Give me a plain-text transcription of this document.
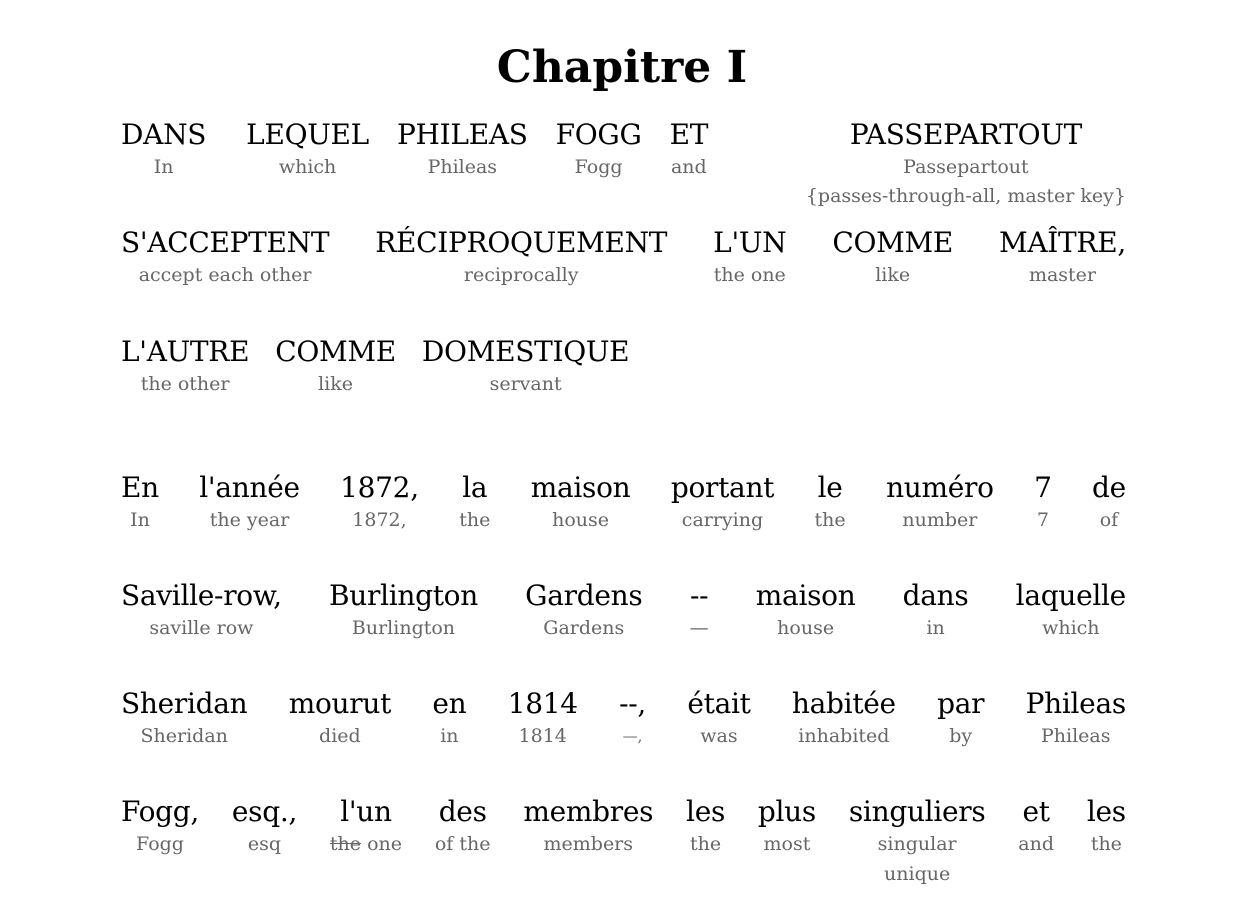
Chapitre I
DANS
In
LEQUEL
which
PHILEAS
Phileas
FOGG
Fogg
ET
and
PASSEPARTOUT
Passepartout
{passes-through-all, master key}
S'ACCEPTENT
accept each other
RÉCIPROQUEMENT
reciprocally
L'UN
the one
COMME
like
MAÎTRE,
master
L'AUTRE
the other
COMME
like
DOMESTIQUE
servant
En
In
l'année
the year
1872,
1872,
la
the
maison
house
portant
carrying
le
the
numéro
number
7
7
de
of
Saville-row,
saville row
Burlington
Burlington
Gardens
Gardens
--
—
maison
house
dans
in
laquelle
which
Sheridan
Sheridan
mourut
died
en
in
1814
1814
--,
—,
était
was
habitée
inhabited
par
by
Phileas
Phileas
Fogg,
Fogg
esq.,
esq
l'un
the one
des
of the
membres
members
les
the
plus
most
singuliers
singular
unique
et
and
les
the
